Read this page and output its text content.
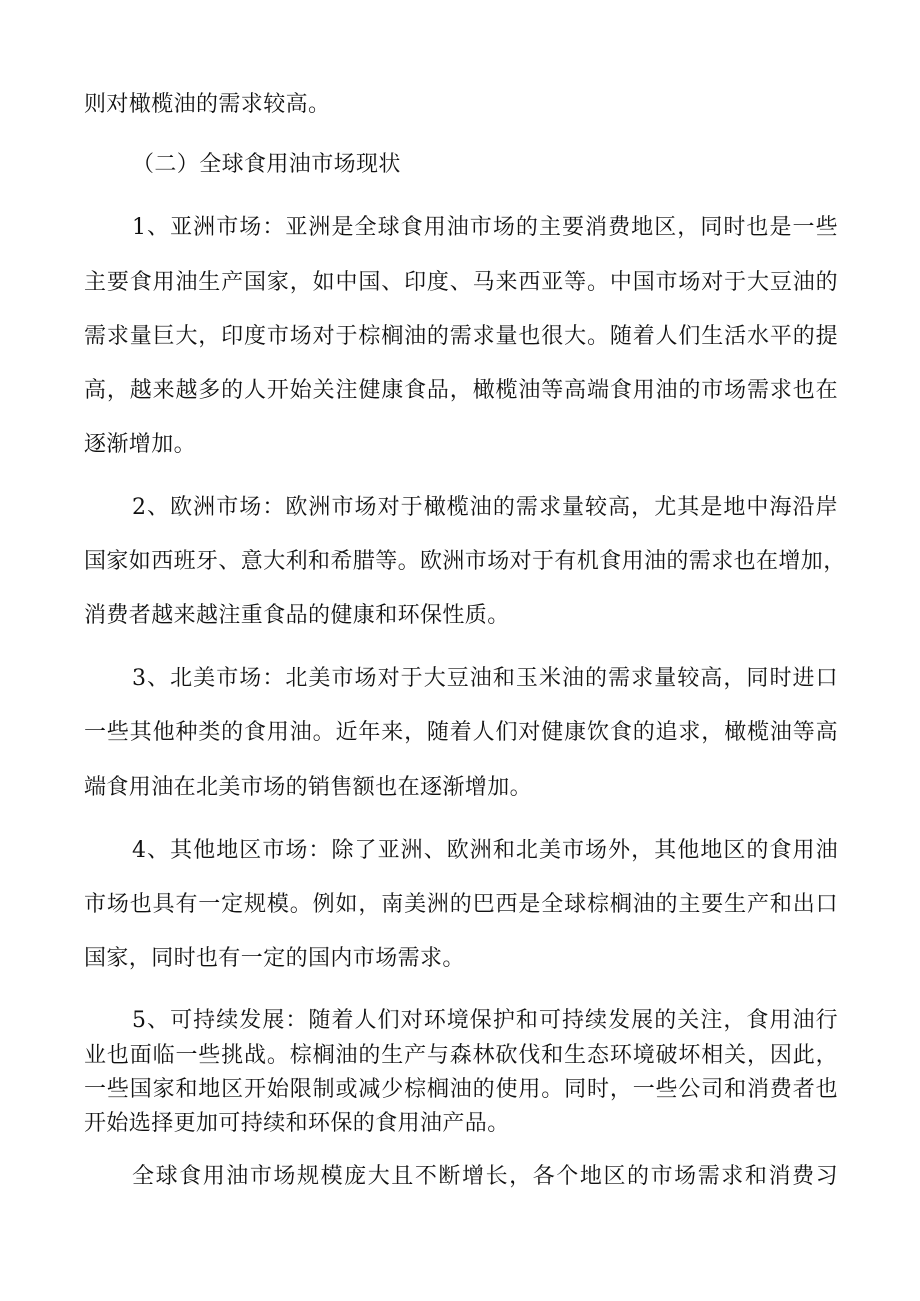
则对橄榄油的需求较高。
（二）全球食用油市场现状
1、亚洲市场：亚洲是全球食用油市场的主要消费地区，同时也是一些
主要食用油生产国家，如中国、印度、马来西亚等。中国市场对于大豆油的
需求量巨大，印度市场对于棕榈油的需求量也很大。随着人们生活水平的提
高，越来越多的人开始关注健康食品，橄榄油等高端食用油的市场需求也在
逐渐增加。
2、欧洲市场：欧洲市场对于橄榄油的需求量较高，尤其是地中海沿岸
国家如西班牙、意大利和希腊等。欧洲市场对于有机食用油的需求也在增加，
消费者越来越注重食品的健康和环保性质。
3、北美市场：北美市场对于大豆油和玉米油的需求量较高，同时进口
一些其他种类的食用油。近年来，随着人们对健康饮食的追求，橄榄油等高
端食用油在北美市场的销售额也在逐渐增加。
4、其他地区市场：除了亚洲、欧洲和北美市场外，其他地区的食用油
市场也具有一定规模。例如，南美洲的巴西是全球棕榈油的主要生产和出口
国家，同时也有一定的国内市场需求。
5、可持续发展：随着人们对环境保护和可持续发展的关注，食用油行
业也面临一些挑战。棕榈油的生产与森林砍伐和生态环境破坏相关，因此，
一些国家和地区开始限制或减少棕榈油的使用。同时，一些公司和消费者也
开始选择更加可持续和环保的食用油产品。
全球食用油市场规模庞大且不断增长，各个地区的市场需求和消费习
